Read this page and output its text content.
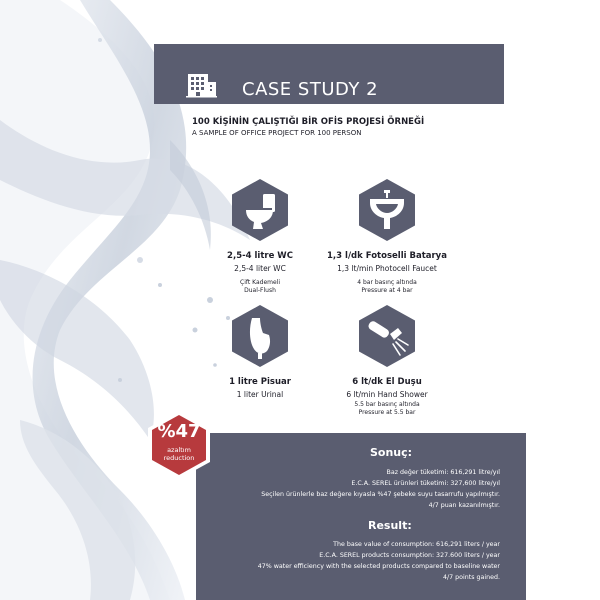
CASE STUDY 2
100 KİŞİNİN ÇALIŞTIĞI BİR OFİS PROJESİ ÖRNEĞİ
A SAMPLE OF OFFICE PROJECT FOR 100 PERSON
2,5-4 litre WC
2,5-4 liter WC
Çift Kademeli
Dual-Flush
1,3 l/dk Fotoselli Batarya
1,3 lt/min Photocell Faucet
4 bar basınç altında
Pressure at 4 bar
1 litre Pisuar
1 liter Urinal
6 lt/dk El Duşu
6 lt/min Hand Shower
5.5 bar basınç altında
Pressure at 5.5 bar
%47
azaltım
reduction	Sonuç:
Baz değer tüketimi: 616,291 litre/yıl
E.C.A. SEREL ürünleri tüketimi: 327,600 litre/yıl
Seçilen ürünlerle baz değere kıyasla %47 şebeke suyu tasarrufu yapılmıştır.
4/7 puan kazanılmıştır.
Result:
The base value of consumption: 616,291 liters / year
E.C.A. SEREL products consumption: 327.600 liters / year
47% water efficiency with the selected products compared to baseline water
4/7 points gained.
